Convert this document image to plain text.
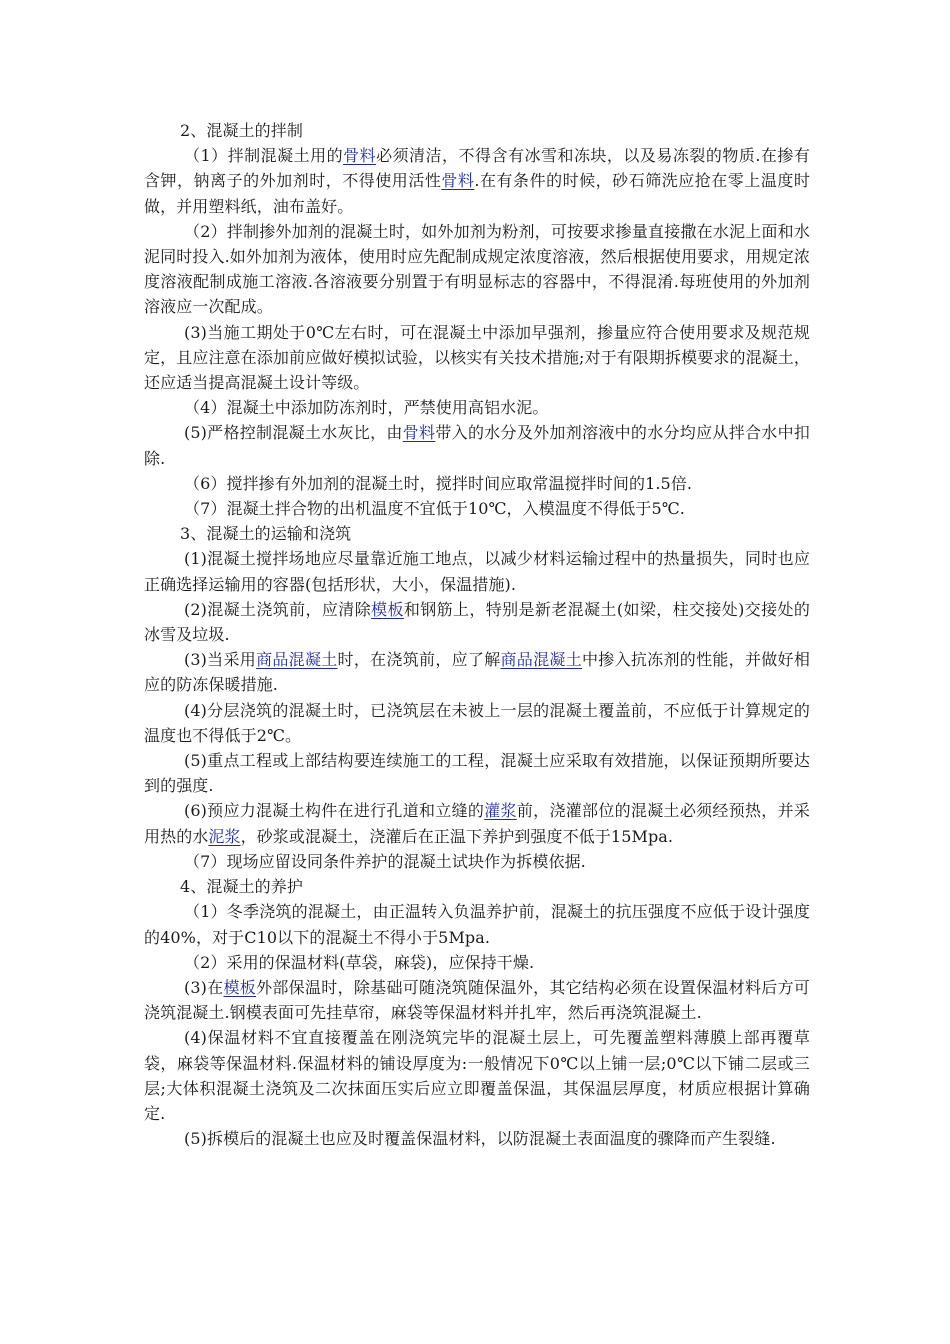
2、混凝土的拌制

（1）拌制混凝土用的骨料必须清洁，不得含有冰雪和冻块，以及易冻裂的物质.在掺有含钾，钠离子的外加剂时，不得使用活性骨料.在有条件的时候，砂石筛洗应抢在零上温度时做，并用塑料纸，油布盖好。

（2）拌制掺外加剂的混凝土时，如外加剂为粉剂，可按要求掺量直接撒在水泥上面和水泥同时投入.如外加剂为液体，使用时应先配制成规定浓度溶液，然后根据使用要求，用规定浓度溶液配制成施工溶液.各溶液要分别置于有明显标志的容器中，不得混淆.每班使用的外加剂溶液应一次配成。

(3)当施工期处于0℃左右时，可在混凝土中添加早强剂，掺量应符合使用要求及规范规定，且应注意在添加前应做好模拟试验，以核实有关技术措施;对于有限期拆模要求的混凝土，还应适当提高混凝土设计等级。

（4）混凝土中添加防冻剂时，严禁使用高铝水泥。

(5)严格控制混凝土水灰比，由骨料带入的水分及外加剂溶液中的水分均应从拌合水中扣除.

（6）搅拌掺有外加剂的混凝土时，搅拌时间应取常温搅拌时间的1.5倍.

（7）混凝土拌合物的出机温度不宜低于10℃，入模温度不得低于5℃.

3、混凝土的运输和浇筑

(1)混凝土搅拌场地应尽量靠近施工地点，以减少材料运输过程中的热量损失，同时也应正确选择运输用的容器(包括形状，大小，保温措施).

(2)混凝土浇筑前，应清除模板和钢筋上，特别是新老混凝土(如梁，柱交接处)交接处的冰雪及垃圾.

(3)当采用商品混凝土时，在浇筑前，应了解商品混凝土中掺入抗冻剂的性能，并做好相应的防冻保暖措施.

(4)分层浇筑的混凝土时，已浇筑层在未被上一层的混凝土覆盖前，不应低于计算规定的温度也不得低于2℃。

(5)重点工程或上部结构要连续施工的工程，混凝土应采取有效措施，以保证预期所要达到的强度.

(6)预应力混凝土构件在进行孔道和立缝的灌浆前，浇灌部位的混凝土必须经预热，并采用热的水泥浆，砂浆或混凝土，浇灌后在正温下养护到强度不低于15Mpa.

（7）现场应留设同条件养护的混凝土试块作为拆模依据.

4、混凝土的养护

（1）冬季浇筑的混凝土，由正温转入负温养护前，混凝土的抗压强度不应低于设计强度的40%，对于C10以下的混凝土不得小于5Mpa.

（2）采用的保温材料(草袋，麻袋)，应保持干燥.

(3)在模板外部保温时，除基础可随浇筑随保温外，其它结构必须在设置保温材料后方可浇筑混凝土.钢模表面可先挂草帘，麻袋等保温材料并扎牢，然后再浇筑混凝土.

(4)保温材料不宜直接覆盖在刚浇筑完毕的混凝土层上，可先覆盖塑料薄膜上部再覆草袋，麻袋等保温材料.保温材料的铺设厚度为:一般情况下0℃以上铺一层;0℃以下铺二层或三层;大体积混凝土浇筑及二次抹面压实后应立即覆盖保温，其保温层厚度，材质应根据计算确定.

(5)拆模后的混凝土也应及时覆盖保温材料，以防混凝土表面温度的骤降而产生裂缝.
